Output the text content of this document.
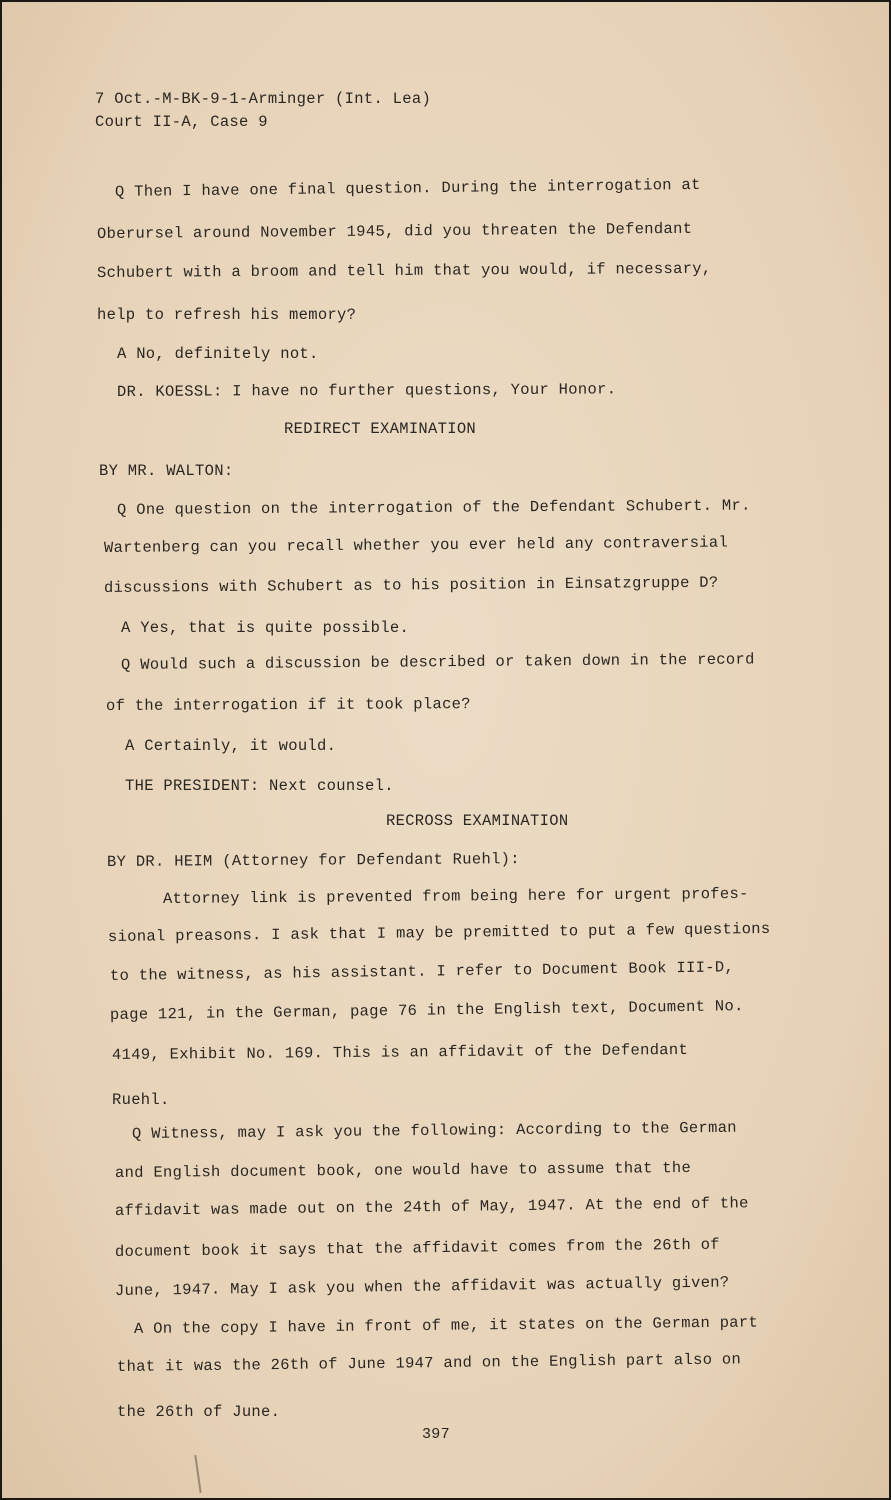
7 Oct.-M-BK-9-1-Arminger (Int. Lea)
Court II-A, Case 9
Q Then I have one final question. During the interrogation at
Oberursel around November 1945, did you threaten the Defendant
Schubert with a broom and tell him that you would, if necessary,
help to refresh his memory?
A No, definitely not.
DR. KOESSL: I have no further questions, Your Honor.
REDIRECT EXAMINATION
BY MR. WALTON:
Q One question on the interrogation of the Defendant Schubert. Mr.
Wartenberg can you recall whether you ever held any contraversial
discussions with Schubert as to his position in Einsatzgruppe D?
A Yes, that is quite possible.
Q Would such a discussion be described or taken down in the record
of the interrogation if it took place?
A Certainly, it would.
THE PRESIDENT: Next counsel.
RECROSS EXAMINATION
BY DR. HEIM (Attorney for Defendant Ruehl):
Attorney link is prevented from being here for urgent profes-
sional preasons. I ask that I may be premitted to put a few questions
to the witness, as his assistant. I refer to Document Book III-D,
page 121, in the German, page 76 in the English text, Document No.
4149, Exhibit No. 169. This is an affidavit of the Defendant
Ruehl.
Q Witness, may I ask you the following: According to the German
and English document book, one would have to assume that the
affidavit was made out on the 24th of May, 1947. At the end of the
document book it says that the affidavit comes from the 26th of
June, 1947. May I ask you when the affidavit was actually given?
A On the copy I have in front of me, it states on the German part
that it was the 26th of June 1947 and on the English part also on
the 26th of June.
397
